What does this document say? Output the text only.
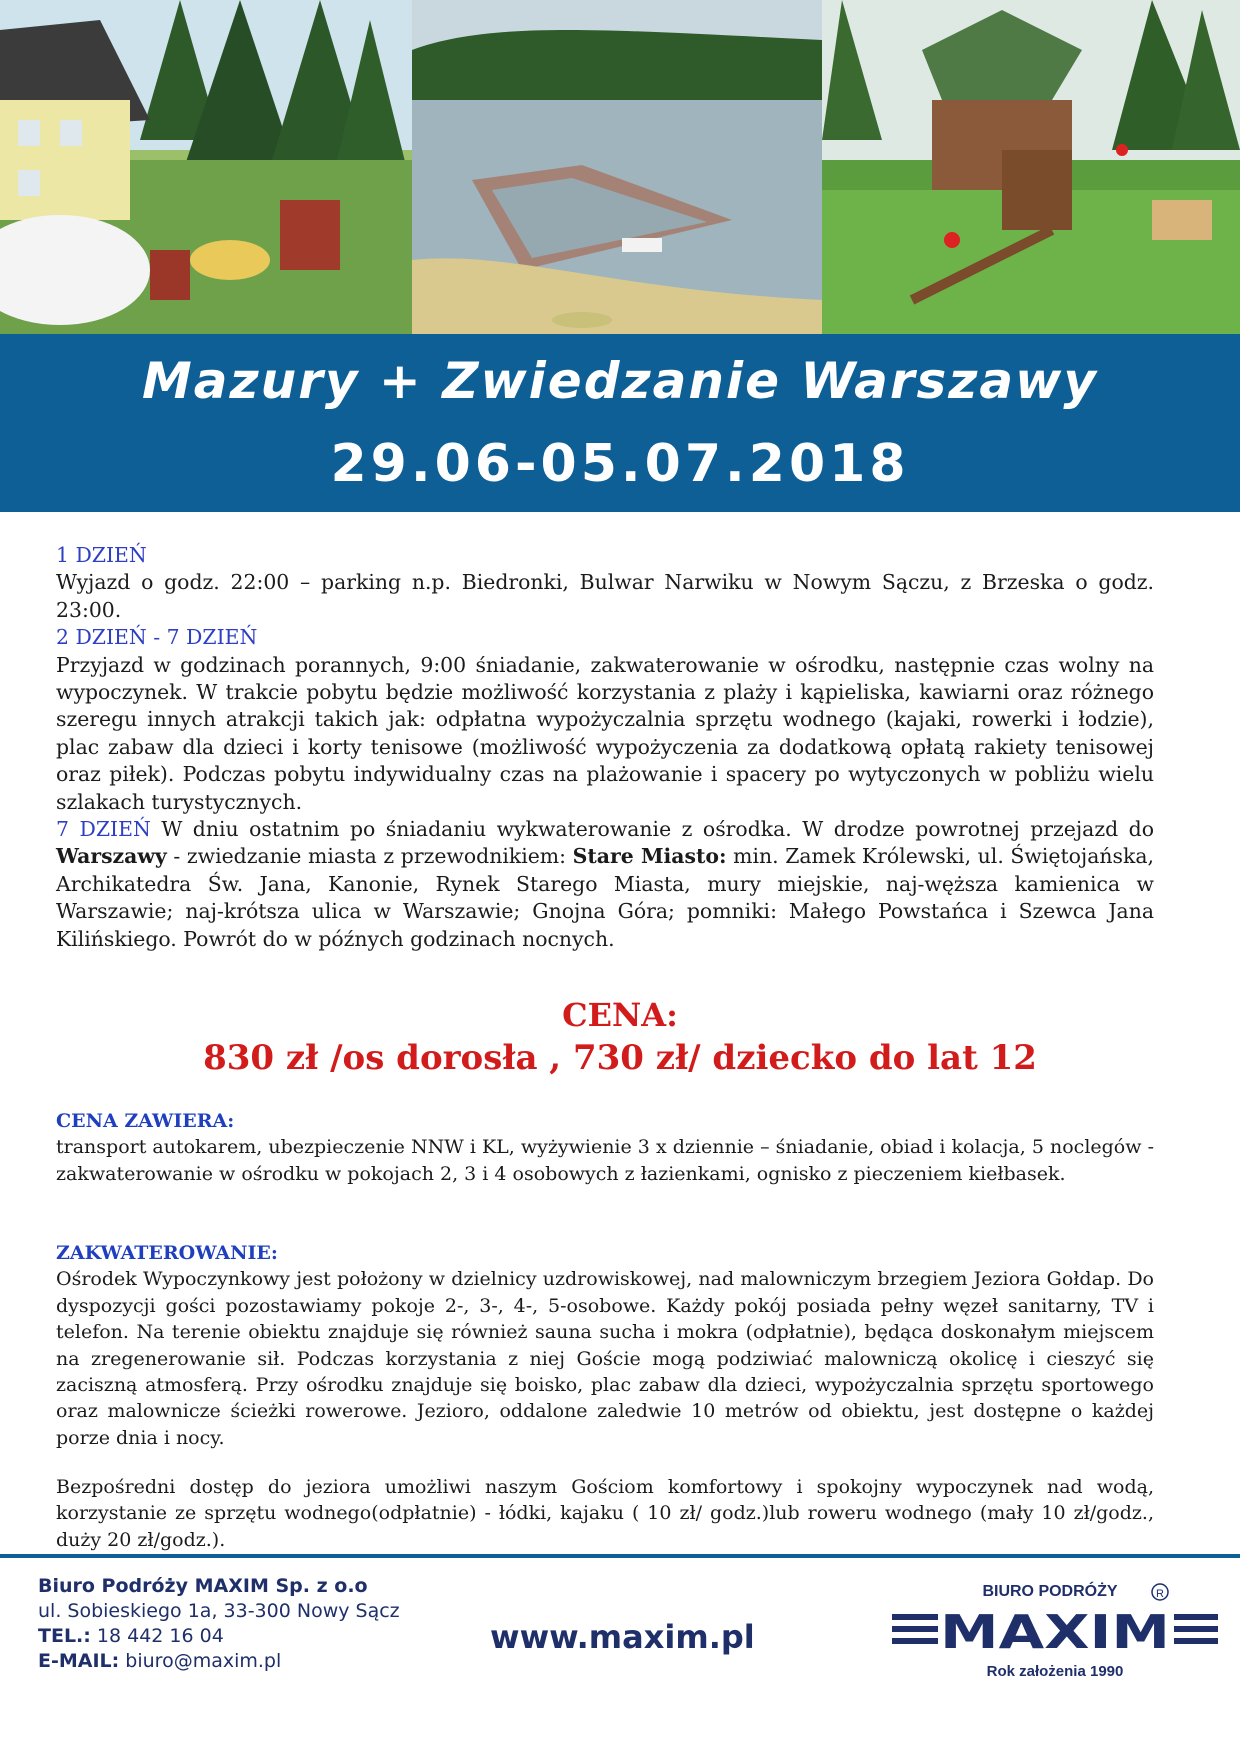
Mazury + Zwiedzanie Warszawy
29.06-05.07.2018

1 DZIEŃ

Wyjazd o godz. 22:00 – parking n.p. Biedronki, Bulwar Narwiku w Nowym Sączu, z Brzeska o godz. 23:00.

2 DZIEŃ - 7 DZIEŃ

Przyjazd w godzinach porannych, 9:00 śniadanie, zakwaterowanie w ośrodku, następnie czas wolny na wypoczynek. W trakcie pobytu będzie możliwość korzystania z plaży i kąpieliska, kawiarni oraz różnego szeregu innych atrakcji takich jak: odpłatna wypożyczalnia sprzętu wodnego (kajaki, rowerki i łodzie), plac zabaw dla dzieci i korty tenisowe (możliwość wypożyczenia za dodatkową opłatą rakiety tenisowej oraz piłek). Podczas pobytu indywidualny czas na plażowanie i spacery po wytyczonych w pobliżu wielu szlakach turystycznych.

7 DZIEŃ W dniu ostatnim po śniadaniu wykwaterowanie z ośrodka. W drodze powrotnej przejazd do Warszawy - zwiedzanie miasta z przewodnikiem: Stare Miasto: min. Zamek Królewski, ul. Świętojańska, Archikatedra Św. Jana, Kanonie, Rynek Starego Miasta, mury miejskie, naj-węższa kamienica w Warszawie; naj-krótsza ulica w Warszawie; Gnojna Góra; pomniki: Małego Powstańca i Szewca Jana Kilińskiego. Powrót do w późnych godzinach nocnych.

CENA:
830 zł /os dorosła , 730 zł/ dziecko do lat 12

CENA ZAWIERA:

transport autokarem, ubezpieczenie NNW i KL, wyżywienie 3 x dziennie – śniadanie, obiad i kolacja, 5 noclegów - zakwaterowanie w ośrodku w pokojach 2, 3 i 4 osobowych z łazienkami, ognisko z pieczeniem kiełbasek.

ZAKWATEROWANIE:

Ośrodek Wypoczynkowy jest położony w dzielnicy uzdrowiskowej, nad malowniczym brzegiem Jeziora Gołdap. Do dyspozycji gości pozostawiamy pokoje 2-, 3-, 4-, 5-osobowe. Każdy pokój posiada pełny węzeł sanitarny, TV i telefon. Na terenie obiektu znajduje się również sauna sucha i mokra (odpłatnie), będąca doskonałym miejscem na zregenerowanie sił. Podczas korzystania z niej Goście mogą podziwiać malowniczą okolicę i cieszyć się zaciszną atmosferą. Przy ośrodku znajduje się boisko, plac zabaw dla dzieci, wypożyczalnia sprzętu sportowego oraz malownicze ścieżki rowerowe. Jezioro, oddalone zaledwie 10 metrów od obiektu, jest dostępne o każdej porze dnia i nocy.

Bezpośredni dostęp do jeziora umożliwi naszym Gościom komfortowy i spokojny wypoczynek nad wodą, korzystanie ze sprzętu wodnego(odpłatnie) - łódki, kajaku ( 10 zł/ godz.)lub roweru wodnego (mały 10 zł/godz., duży 20 zł/godz.).

Biuro Podróży MAXIM Sp. z o.o
ul. Sobieskiego 1a, 33-300 Nowy Sącz
TEL.: 18 442 16 04
E-MAIL: biuro@maxim.pl
www.maxim.pl
BIURO PODRÓŻY	R
MAXIM
Rok założenia 1990
